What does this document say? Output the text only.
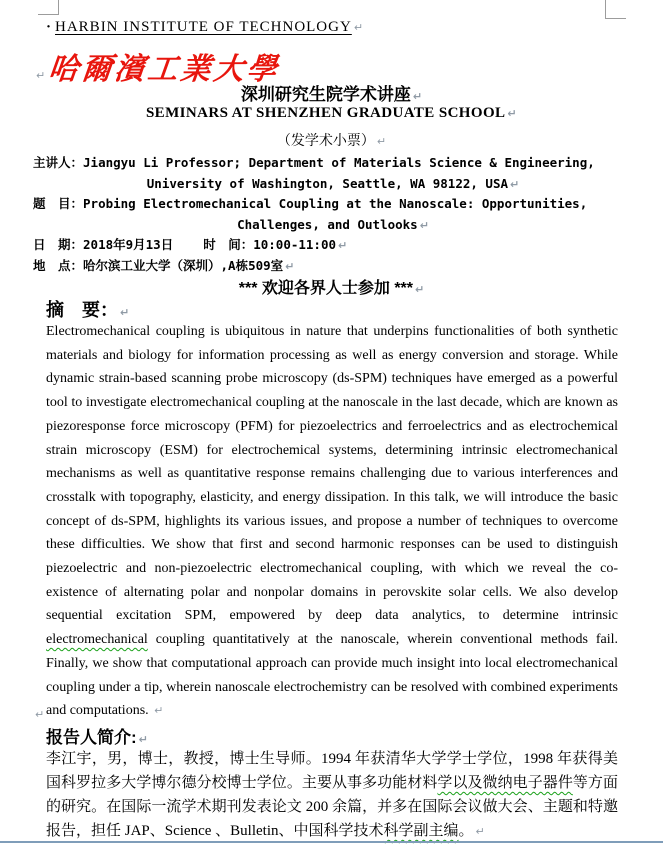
· HARBIN INSTITUTE OF TECHNOLOGY ↵
↵ 哈爾濱工業大學
深圳研究生院学术讲座 ↵
SEMINARS AT SHENZHEN GRADUATE SCHOOL ↵
（发学术小票） ↵
主讲人：Jiangyu Li Professor; Department of Materials Science & Engineering,
University of Washington, Seattle, WA 98122, USA ↵
题　目：Probing Electromechanical Coupling at the Nanoscale: Opportunities,
Challenges, and Outlooks ↵
日　期：2018年9月13日 时　间：10:00-11:00 ↵
地　点：哈尔滨工业大学（深圳）,A栋509室 ↵
*** 欢迎各界人士参加 *** ↵
摘　要： ↵
Electromechanical coupling is ubiquitous in nature that underpins functionalities of both synthetic materials and biology for information processing as well as energy conversion and storage. While dynamic strain-based scanning probe microscopy (ds-SPM) techniques have emerged as a powerful tool to investigate electromechanical coupling at the nanoscale in the last decade, which are known as piezoresponse force microscopy (PFM) for piezoelectrics and ferroelectrics and as electrochemical strain microscopy (ESM) for electrochemical systems, determining intrinsic electromechanical mechanisms as well as quantitative response remains challenging due to various interferences and crosstalk with topography, elasticity, and energy dissipation. In this talk, we will introduce the basic concept of ds-SPM, highlights its various issues, and propose a number of techniques to overcome these difficulties. We show that first and second harmonic responses can be used to distinguish piezoelectric and non-piezoelectric electromechanical coupling, with which we reveal the co-existence of alternating polar and nonpolar domains in perovskite solar cells. We also develop sequential excitation SPM, empowered by deep data analytics, to determine intrinsic electromechanical coupling quantitatively at the nanoscale, wherein conventional methods fail. Finally, we show that computational approach can provide much insight into local electromechanical coupling under a tip, wherein nanoscale electrochemistry can be resolved with combined experiments and computations. ↵
↵
报告人简介: ↵
李江宇，男，博士，教授，博士生导师。1994 年获清华大学学士学位，1998 年获得美国科罗拉多大学博尔德分校博士学位。主要从事多功能材料学以及微纳电子器件等方面的研究。在国际一流学术期刊发表论文 200 余篇，并多在国际会议做大会、主题和特邀报告，担任 JAP、Science 、Bulletin、中国科学技术科学副主编。 ↵
